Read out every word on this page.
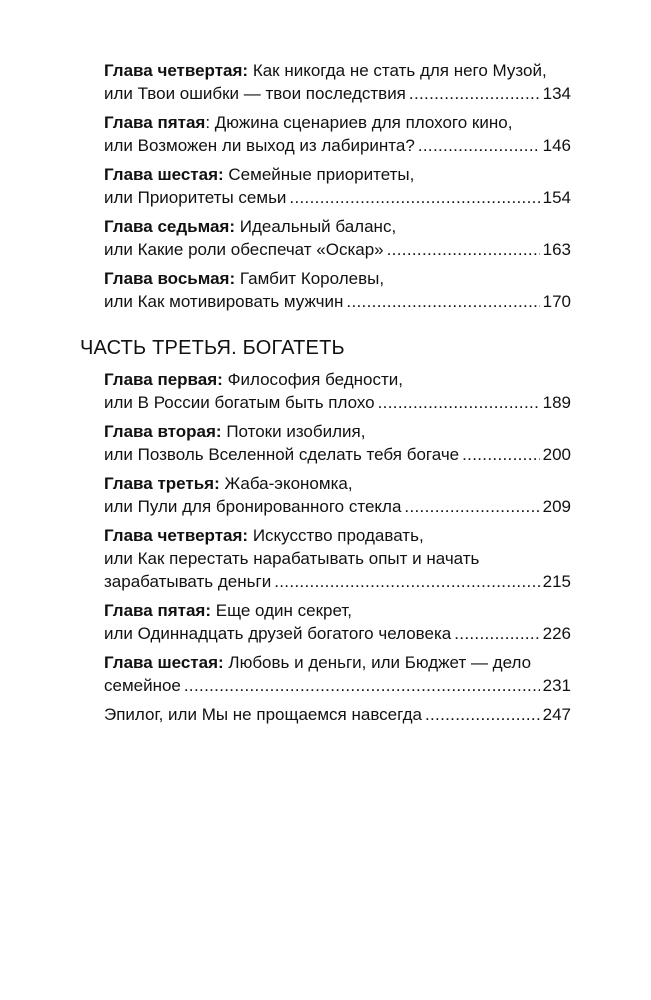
Глава четвертая: Как никогда не стать для него Музой,
или Твои ошибки — твои последствия . . .	134
Глава пятая: Дюжина сценариев для плохого кино,
или Возможен ли выход из лабиринта? . . .	146
Глава шестая: Семейные приоритеты,
или Приоритеты семьи . . .	154
Глава седьмая: Идеальный баланс,
или Какие роли обеспечат «Оскар» . . .	163
Глава восьмая: Гамбит Королевы,
или Как мотивировать мужчин . . .	170
ЧАСТЬ ТРЕТЬЯ. БОГАТЕТЬ
Глава первая: Философия бедности,
или В России богатым быть плохо . . .	189
Глава вторая: Потоки изобилия,
или Позволь Вселенной сделать тебя богаче . . .	200
Глава третья: Жаба-экономка,
или Пули для бронированного стекла . . .	209
Глава четвертая: Искусство продавать,
или Как перестать нарабатывать опыт и начать
зарабатывать деньги . . .	215
Глава пятая: Еще один секрет,
или Одиннадцать друзей богатого человека . . .	226
Глава шестая: Любовь и деньги, или Бюджет — дело
семейное . . .	231
Эпилог, или Мы не прощаемся навсегда . . .	247
